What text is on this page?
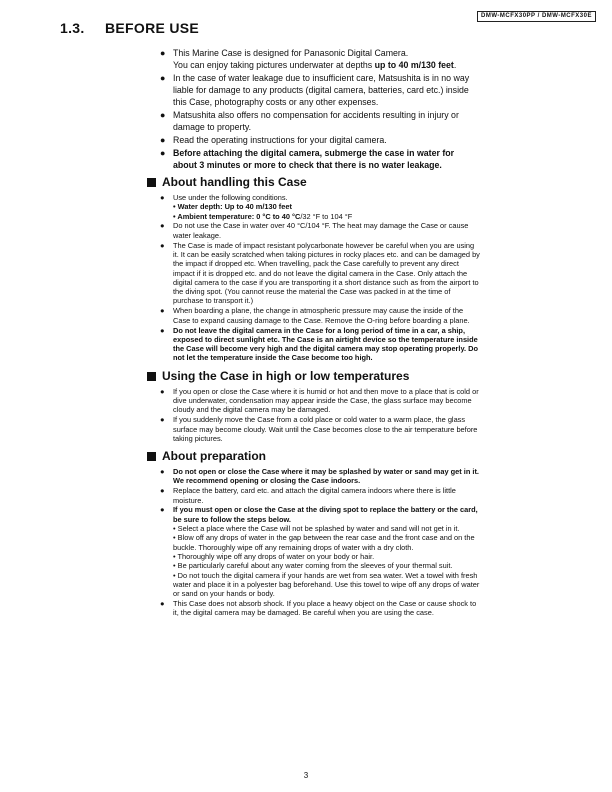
DMW-MCFX30PP / DMW-MCFX30E
1.3. BEFORE USE
● This Marine Case is designed for Panasonic Digital Camera.
You can enjoy taking pictures underwater at depths up to 40 m/130 feet.
● In the case of water leakage due to insufficient care, Matsushita is in no way liable for damage to any products (digital camera, batteries, card etc.) inside this Case, photography costs or any other expenses.
● Matsushita also offers no compensation for accidents resulting in injury or damage to property.
● Read the operating instructions for your digital camera.
● Before attaching the digital camera, submerge the case in water for about 3 minutes or more to check that there is no water leakage.
About handling this Case
● Use under the following conditions.
• Water depth: Up to 40 m/130 feet
• Ambient temperature: 0 °C to 40 °C/32 °F to 104 °F
● Do not use the Case in water over 40 °C/104 °F. The heat may damage the Case or cause water leakage.
● The Case is made of impact resistant polycarbonate however be careful when you are using it. It can be easily scratched when taking pictures in rocky places etc. and can be damaged by the impact if dropped etc. When travelling, pack the Case carefully to prevent any direct impact if it is dropped etc. and do not leave the digital camera in the Case. Only attach the digital camera to the case if you are transporting it a short distance such as from the airport to the diving spot. (You cannot reuse the material the Case was packed in at the time of purchase to transport it.)
● When boarding a plane, the change in atmospheric pressure may cause the inside of the Case to expand causing damage to the Case. Remove the O-ring before boarding a plane.
● Do not leave the digital camera in the Case for a long period of time in a car, a ship, exposed to direct sunlight etc. The Case is an airtight device so the temperature inside the Case will become very high and the digital camera may stop operating properly. Do not let the temperature inside the Case become too high.
Using the Case in high or low temperatures
● If you open or close the Case where it is humid or hot and then move to a place that is cold or dive underwater, condensation may appear inside the Case, the glass surface may become cloudy and the digital camera may be damaged.
● If you suddenly move the Case from a cold place or cold water to a warm place, the glass surface may become cloudy. Wait until the Case becomes close to the air temperature before taking pictures.
About preparation
● Do not open or close the Case where it may be splashed by water or sand may get in it. We recommend opening or closing the Case indoors.
● Replace the battery, card etc. and attach the digital camera indoors where there is little moisture.
● If you must open or close the Case at the diving spot to replace the battery or the card, be sure to follow the steps below.
• Select a place where the Case will not be splashed by water and sand will not get in it.
• Blow off any drops of water in the gap between the rear case and the front case and on the buckle. Thoroughly wipe off any remaining drops of water with a dry cloth.
• Thoroughly wipe off any drops of water on your body or hair.
• Be particularly careful about any water coming from the sleeves of your thermal suit.
• Do not touch the digital camera if your hands are wet from sea water. Wet a towel with fresh water and place it in a polyester bag beforehand. Use this towel to wipe off any drops of water or sand on your hands or body.
● This Case does not absorb shock. If you place a heavy object on the Case or cause shock to it, the digital camera may be damaged. Be careful when you are using the case.
3
